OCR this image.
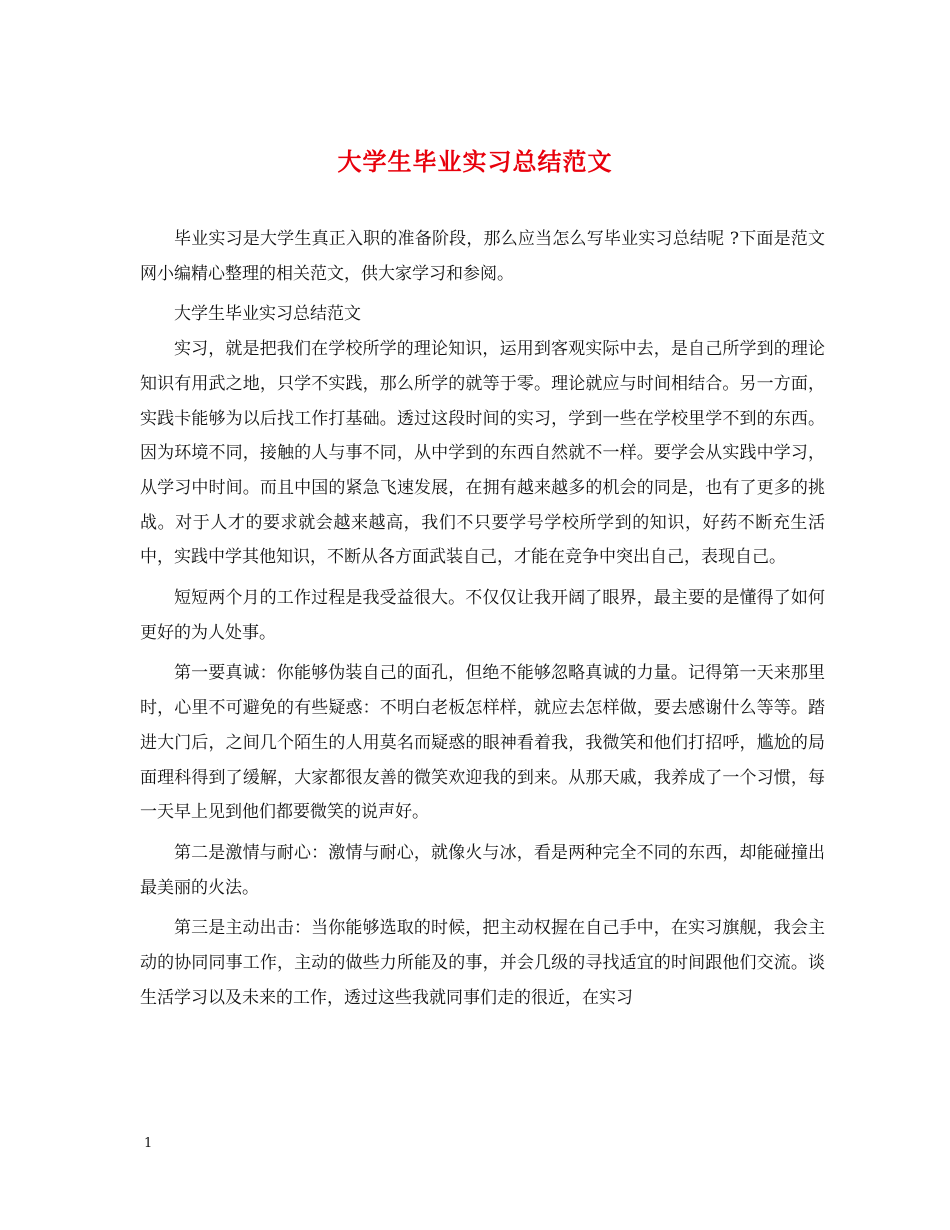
大学生毕业实习总结范文

毕业实习是大学生真正入职的准备阶段，那么应当怎么写毕业实习总结呢 ?下面是范文网小编精心整理的相关范文，供大家学习和参阅。

大学生毕业实习总结范文

实习，就是把我们在学校所学的理论知识，运用到客观实际中去，是自己所学到的理论知识有用武之地，只学不实践，那么所学的就等于零。理论就应与时间相结合。另一方面，实践卡能够为以后找工作打基础。透过这段时间的实习，学到一些在学校里学不到的东西。因为环境不同，接触的人与事不同，从中学到的东西自然就不一样。要学会从实践中学习，从学习中时间。而且中国的紧急飞速发展，在拥有越来越多的机会的同是，也有了更多的挑战。对于人才的要求就会越来越高，我们不只要学号学校所学到的知识，好药不断充生活中，实践中学其他知识，不断从各方面武装自己，才能在竞争中突出自己，表现自己。

短短两个月的工作过程是我受益很大。不仅仅让我开阔了眼界，最主要的是懂得了如何更好的为人处事。

第一要真诚：你能够伪装自己的面孔，但绝不能够忽略真诚的力量。记得第一天来那里时，心里不可避免的有些疑惑：不明白老板怎样样，就应去怎样做，要去感谢什么等等。踏进大门后，之间几个陌生的人用莫名而疑惑的眼神看着我，我微笑和他们打招呼，尴尬的局面理科得到了缓解，大家都很友善的微笑欢迎我的到来。从那天戚，我养成了一个习惯，每一天早上见到他们都要微笑的说声好。

第二是激情与耐心：激情与耐心，就像火与冰，看是两种完全不同的东西，却能碰撞出最美丽的火法。

第三是主动出击：当你能够选取的时候，把主动权握在自己手中，在实习旗舰，我会主动的协同同事工作，主动的做些力所能及的事，并会几级的寻找适宜的时间跟他们交流。谈生活学习以及未来的工作，透过这些我就同事们走的很近，在实习

1
